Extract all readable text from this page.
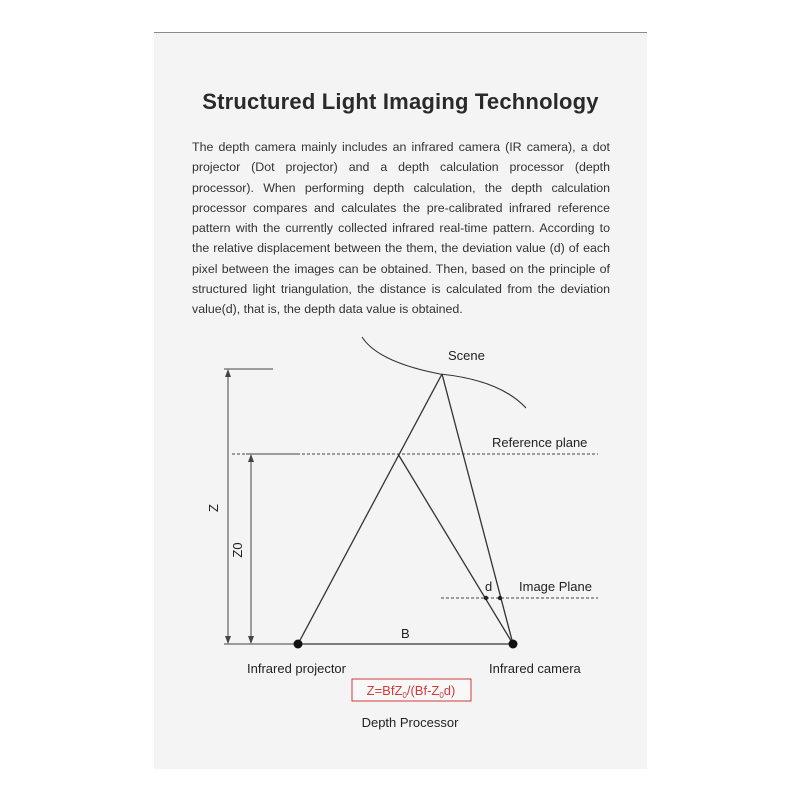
Structured Light Imaging Technology

The depth camera mainly includes an infrared camera (IR camera), a dot projector (Dot projector) and a depth calculation processor (depth processor). When performing depth calculation, the depth calculation processor compares and calculates the pre-calibrated infrared reference pattern with the currently collected infrared real-time pattern. According to the relative displacement between the them, the deviation value (d) of each pixel between the images can be obtained. Then, based on the principle of structured light triangulation, the distance is calculated from the deviation value(d), that is, the depth data value is obtained.

Scene
Reference plane
Image Plane
d
B
Z
Z0
Infrared projector	Infrared camera
$Z=BfZ_0/(Bf-Z_0d)$
Depth Processor
